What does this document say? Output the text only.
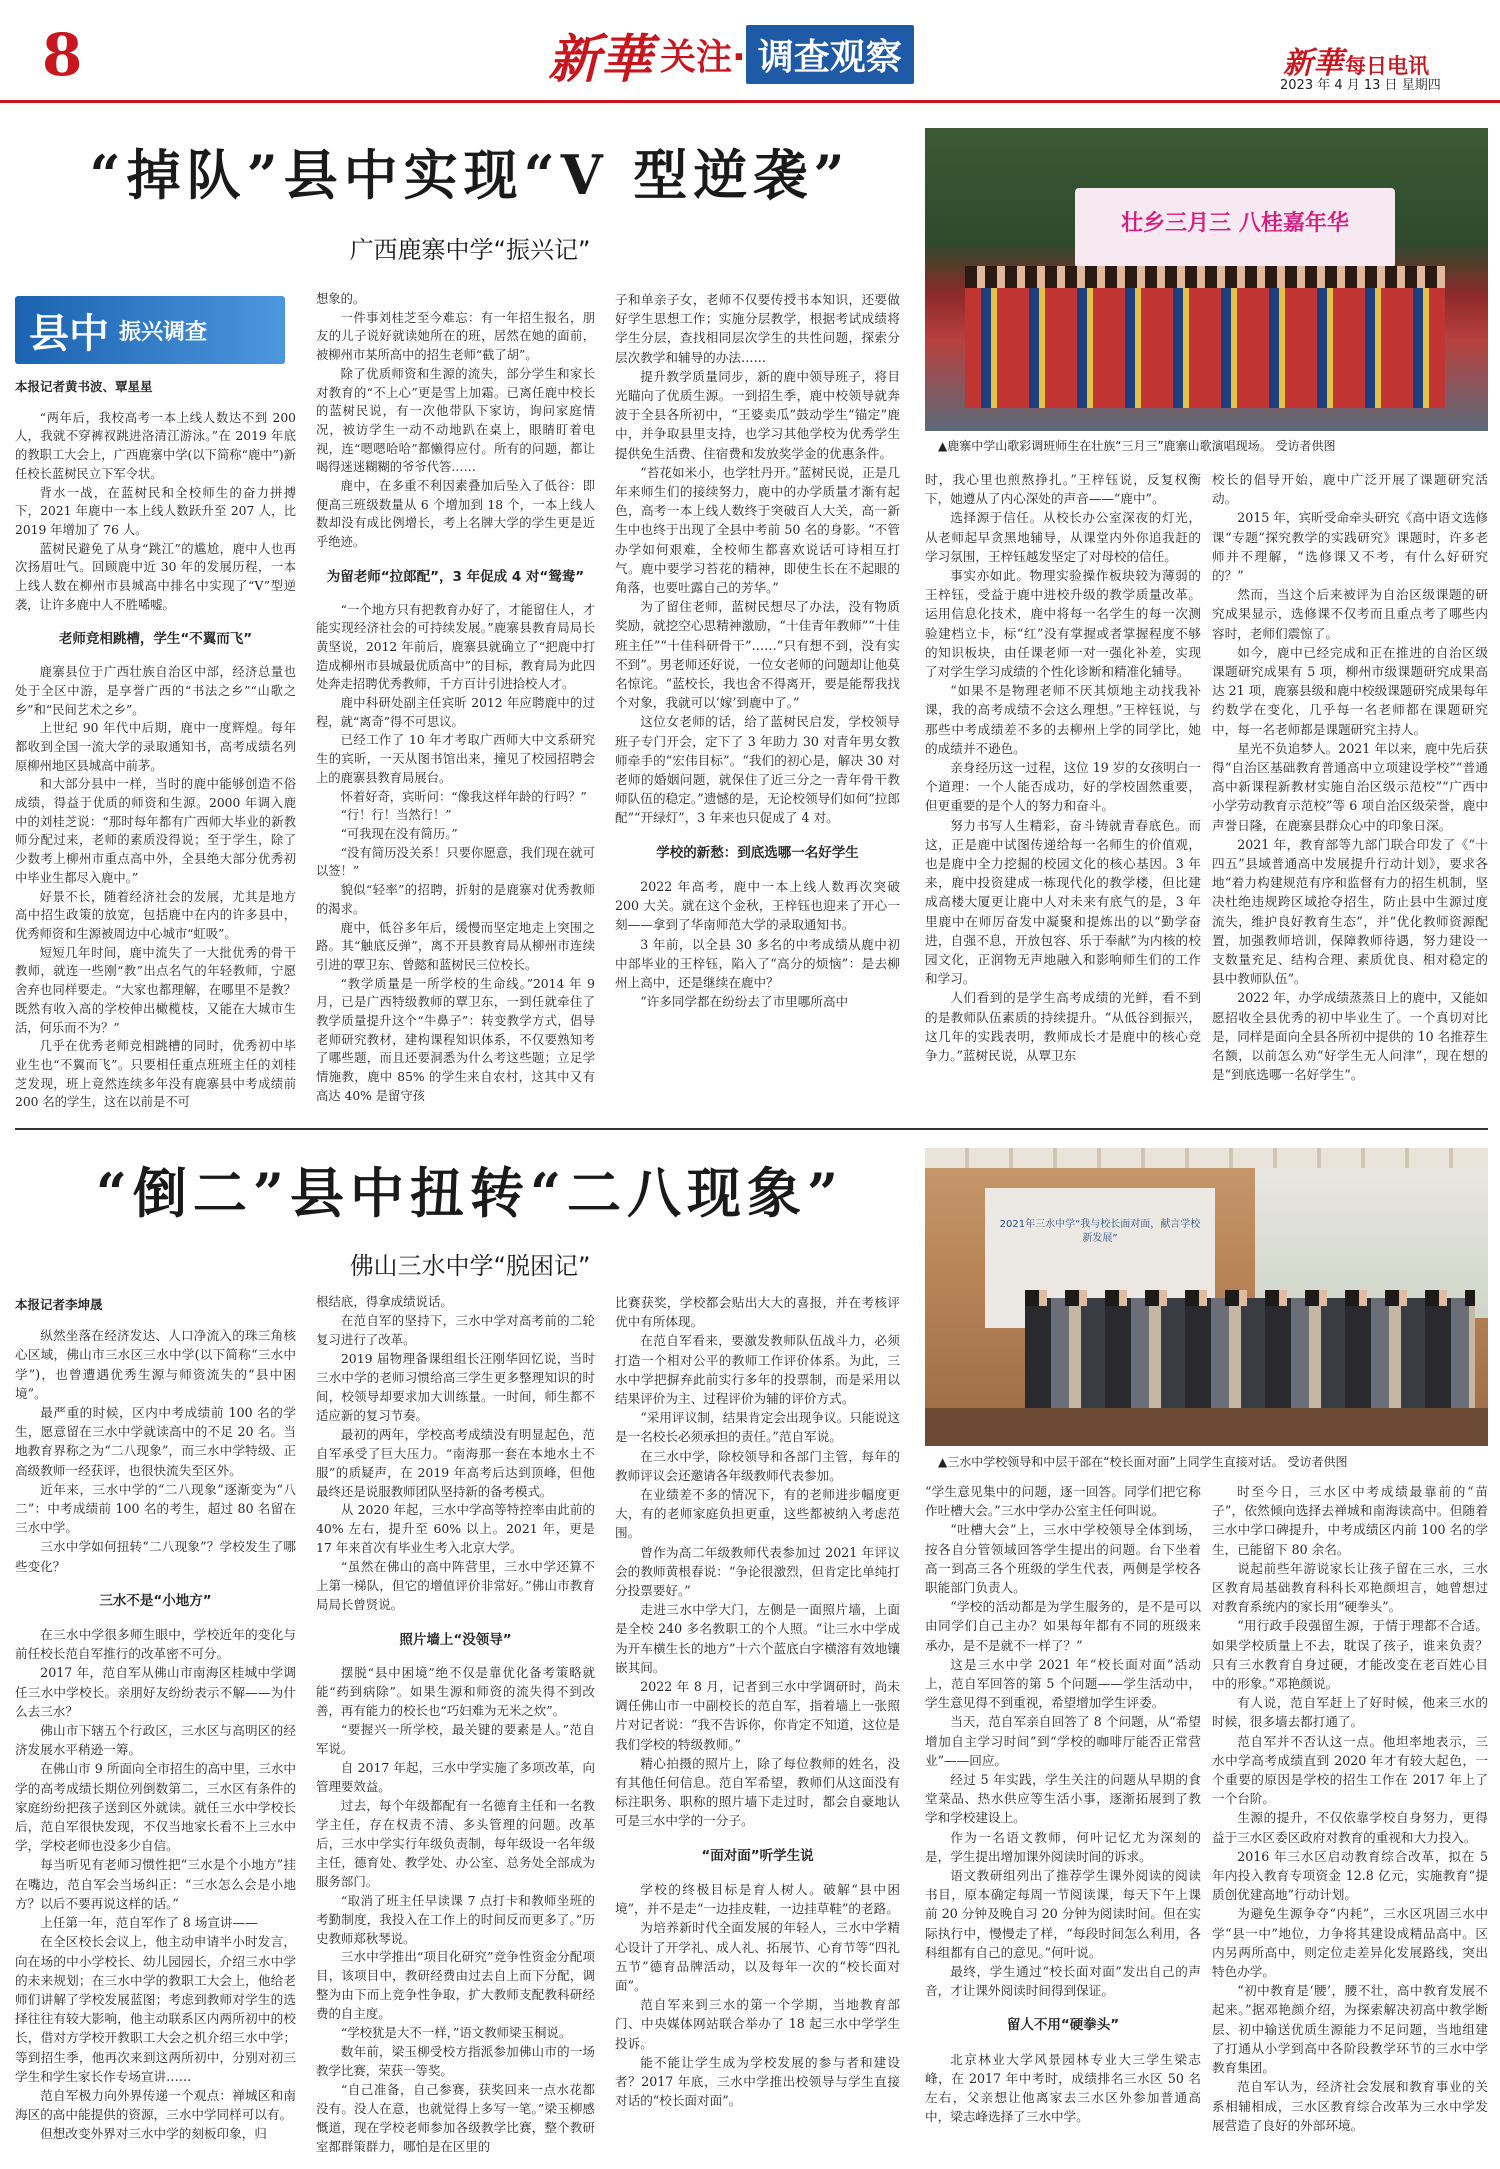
8	新華 关注· 调查观察	新華 每日电讯
2023 年 4 月 13 日 星期四
“掉队”县中实现“V 型逆袭”
广西鹿寨中学“振兴记”
县中 振兴调查
壮乡三月三 八桂嘉年华
▲鹿寨中学山歌彩调班师生在壮族“三月三”鹿寨山歌演唱现场。 受访者供图

本报记者黄书波、覃星星

“两年后，我校高考一本上线人数达不到 200 人，我就不穿裤衩跳进洛清江游泳。”在 2019 年底的教职工大会上，广西鹿寨中学(以下简称“鹿中”)新任校长蓝树民立下军令状。

背水一战，在蓝树民和全校师生的奋力拼搏下，2021 年鹿中一本上线人数跃升至 207 人，比 2019 年增加了 76 人。

蓝树民避免了从身“跳江”的尴尬，鹿中人也再次扬眉吐气。回顾鹿中近 30 年的发展历程，一本上线人数在柳州市县城高中排名中实现了“V”型逆袭，让许多鹿中人不胜唏嘘。

老师竞相跳槽，学生“不翼而飞”

鹿寨县位于广西壮族自治区中部，经济总量也处于全区中游，是享誉广西的“书法之乡”“山歌之乡”和“民间艺术之乡”。

上世纪 90 年代中后期，鹿中一度辉煌。每年都收到全国一流大学的录取通知书，高考成绩名列原柳州地区县城高中前茅。

和大部分县中一样，当时的鹿中能够创造不俗成绩，得益于优质的师资和生源。2000 年调入鹿中的刘桂芝说：“那时每年都有广西师大毕业的新教师分配过来，老师的素质没得说；至于学生，除了少数考上柳州市重点高中外，全县绝大部分优秀初中毕业生都尽入鹿中。”

好景不长，随着经济社会的发展，尤其是地方高中招生政策的放宽，包括鹿中在内的许多县中，优秀师资和生源被周边中心城市“虹吸”。

短短几年时间，鹿中流失了一大批优秀的骨干教师，就连一些刚“教”出点名气的年轻教师，宁愿舍弃也同样要走。“大家也都理解，在哪里不是教？既然有收入高的学校伸出橄榄枝，又能在大城市生活，何乐而不为？”

几乎在优秀老师竞相跳槽的同时，优秀初中毕业生也“不翼而飞”。只要相任重点班班主任的刘桂芝发现，班上竟然连续多年没有鹿寨县中考成绩前 200 名的学生，这在以前是不可

想象的。

一件事刘桂芝至今难忘：有一年招生报名，朋友的儿子说好就读她所在的班，居然在她的面前，被柳州市某所高中的招生老师“截了胡”。

除了优质师资和生源的流失，部分学生和家长对教育的“不上心”更是雪上加霜。已离任鹿中校长的蓝树民说，有一次他带队下家访，询问家庭情况，被访学生一动不动地趴在桌上，眼睛盯着电视，连“嗯嗯哈哈”都懒得应付。所有的问题，都让喝得迷迷糊糊的爷爷代答……

鹿中，在多重不利因素叠加后坠入了低谷：即便高三班级数量从 6 个增加到 18 个，一本上线人数却没有成比例增长，考上名牌大学的学生更是近乎绝迹。

为留老师“拉郎配”，3 年促成 4 对“鸳鸯”

“一个地方只有把教育办好了，才能留住人，才能实现经济社会的可持续发展。”鹿寨县教育局局长黄坚说，2012 年前后，鹿寨县就确立了“把鹿中打造成柳州市县城最优质高中”的目标，教育局为此四处奔走招聘优秀教师，千方百计引进拾校人才。

鹿中科研处副主任宾昕 2012 年应聘鹿中的过程，就“离奇”得不可思议。

已经工作了 10 年才考取广西师大中文系研究生的宾昕，一天从图书馆出来，撞见了校园招聘会上的鹿寨县教育局展台。

怀着好奇，宾昕问：“像我这样年龄的行吗？”

“行！行！当然行！”

“可我现在没有简历。”

“没有简历没关系！只要你愿意，我们现在就可以签！”

貌似“轻率”的招聘，折射的是鹿寨对优秀教师的渴求。

鹿中，低谷多年后，缓慢而坚定地走上突围之路。其“触底反弹”，离不开县教育局从柳州市连续引进的覃卫东、曾懿和蓝树民三位校长。

“教学质量是一所学校的生命线。”2014 年 9 月，已是广西特级教师的覃卫东，一到任就牵住了教学质量提升这个“牛鼻子”：转变教学方式，倡导老师研究教材，建构课程知识体系，不仅要熟知考了哪些题，而且还要洞悉为什么考这些题；立足学情施教，鹿中 85% 的学生来自农村，这其中又有高达 40% 是留守孩

子和单亲子女，老师不仅要传授书本知识，还要做好学生思想工作；实施分层教学，根据考试成绩将学生分层，查找相同层次学生的共性问题，探索分层次教学和辅导的办法……

提升教学质量同步，新的鹿中领导班子，将目光瞄向了优质生源。一到招生季，鹿中校领导就奔波于全县各所初中，“王婆卖瓜”鼓动学生“锚定”鹿中，并争取县里支持，也学习其他学校为优秀学生提供免生活费、住宿费和发放奖学金的优惠条件。

“苔花如米小，也学牡丹开。”蓝树民说，正是几年来师生们的接续努力，鹿中的办学质量才渐有起色，高考一本上线人数终于突破百人大关，高一新生中也终于出现了全县中考前 50 名的身影。“不管办学如何艰难，全校师生都喜欢说话可诗相互打气。鹿中要学习苔花的精神，即使生长在不起眼的角落，也要吐露自己的芳华。”

为了留住老师，蓝树民想尽了办法，没有物质奖励，就挖空心思精神激励，“十佳青年教师”“十佳班主任”“十佳科研骨干”……“只有想不到，没有实不到”。男老师还好说，一位女老师的问题却让他莫名惊诧。“蓝校长，我也舍不得离开，要是能帮我找个对象，我就可以‘嫁’到鹿中了。”

这位女老师的话，给了蓝树民启发，学校领导班子专门开会，定下了 3 年助力 30 对青年男女教师牵手的“宏伟目标”。“我们的初心是，解决 30 对老师的婚姻问题，就保住了近三分之一青年骨干教师队伍的稳定。”遗憾的是，无论校领导们如何“拉郎配”“开绿灯”，3 年来也只促成了 4 对。

学校的新愁：到底选哪一名好学生

2022 年高考，鹿中一本上线人数再次突破 200 大关。就在这个金秋，王梓钰也迎来了开心一刻——拿到了华南师范大学的录取通知书。

3 年前，以全县 30 多名的中考成绩从鹿中初中部毕业的王梓钰，陷入了“高分的烦恼”：是去柳州上高中，还是继续在鹿中？

“许多同学都在纷纷去了市里哪所高中

时，我心里也煎熬挣扎。”王梓钰说，反复权衡下，她遵从了内心深处的声音——“鹿中”。

选择源于信任。从校长办公室深夜的灯光，从老师起早贪黑地辅导，从课堂内外你追我赶的学习氛围，王梓钰越发坚定了对母校的信任。

事实亦如此。物理实验操作板块较为薄弱的王梓钰，受益于鹿中进校升级的教学质量改革。运用信息化技术，鹿中将每一名学生的每一次测验建档立卡，标“红”没有掌握或者掌握程度不够的知识板块，由任课老师一对一强化补差，实现了对学生学习成绩的个性化诊断和精准化辅导。

“如果不是物理老师不厌其烦地主动找我补课，我的高考成绩不会这么理想。”王梓钰说，与那些中考成绩差不多的去柳州上学的同学比，她的成绩并不逊色。

亲身经历这一过程，这位 19 岁的女孩明白一个道理：一个人能否成功，好的学校固然重要，但更重要的是个人的努力和奋斗。

努力书写人生精彩，奋斗铸就青春底色。而这，正是鹿中试图传递给每一名师生的价值观，也是鹿中全力挖掘的校园文化的核心基因。3 年来，鹿中投资建成一栋现代化的教学楼，但比建成高楼大厦更让鹿中人对未来有底气的是，3 年里鹿中在师厉奋发中凝聚和提炼出的以“勤学奋进，自强不息，开放包容、乐于奉献”为内核的校园文化，正润物无声地融入和影响师生们的工作和学习。

人们看到的是学生高考成绩的光鲜，看不到的是教师队伍素质的持续提升。“从低谷到振兴，这几年的实践表明，教师成长才是鹿中的核心竞争力。”蓝树民说，从覃卫东

校长的倡导开始，鹿中广泛开展了课题研究活动。

2015 年，宾昕受命牵头研究《高中语文选修课“专题”探究教学的实践研究》课题时，许多老师并不理解，“选修课又不考，有什么好研究的？”

然而，当这个后来被评为自治区级课题的研究成果显示，选修课不仅考而且重点考了哪些内容时，老师们震惊了。

如今，鹿中已经完成和正在推进的自治区级课题研究成果有 5 项，柳州市级课题研究成果高达 21 项，鹿寨县级和鹿中校级课题研究成果每年约数学在变化，几乎每一名老师都在课题研究中，每一名老师都是课题研究主持人。

星光不负追梦人。2021 年以来，鹿中先后获得“自治区基础教育普通高中立项建设学校”“普通高中新课程新教材实施自治区级示范校”“广西中小学劳动教育示范校”等 6 项自治区级荣誉，鹿中声誉日隆，在鹿寨县群众心中的印象日深。

2021 年，教育部等九部门联合印发了《“十四五”县域普通高中发展提升行动计划》，要求各地“着力构建规范有序和监督有力的招生机制，坚决杜绝违规跨区域抢夺招生，防止县中生源过度流失，维护良好教育生态”，并“优化教师资源配置，加强教师培训，保障教师待遇，努力建设一支数量充足、结构合理、素质优良、相对稳定的县中教师队伍”。

2022 年，办学成绩蒸蒸日上的鹿中，又能如愿招收全县优秀的初中毕业生了。一个真切对比是，同样是面向全县各所初中提供的 10 名推荐生名额，以前怎么劝“好学生无人问津”，现在想的是“到底选哪一名好学生”。

“倒二”县中扭转“二八现象”
佛山三水中学“脱困记”
2021年三水中学“我与校长面对面，献言学校新发展”
▲三水中学校领导和中层干部在“校长面对面”上同学生直接对话。 受访者供图

本报记者李坤晟

纵然坐落在经济发达、人口净流入的珠三角核心区域，佛山市三水区三水中学(以下简称“三水中学”)，也曾遭遇优秀生源与师资流失的“县中困境”。

最严重的时候，区内中考成绩前 100 名的学生，愿意留在三水中学就读高中的不足 20 名。当地教育界称之为“二八现象”，而三水中学特级、正高级教师一经获评，也很快流失至区外。

近年来，三水中学的“二八现象”逐渐变为“八二”：中考成绩前 100 名的考生，超过 80 名留在三水中学。

三水中学如何扭转“二八现象”？学校发生了哪些变化？

三水不是“小地方”

在三水中学很多师生眼中，学校近年的变化与前任校长范自军推行的改革密不可分。

2017 年，范自军从佛山市南海区桂城中学调任三水中学校长。亲朋好友纷纷表示不解——为什么去三水？

佛山市下辖五个行政区，三水区与高明区的经济发展水平稍逊一筹。

在佛山市 9 所面向全市招生的高中里，三水中学的高考成绩长期位列倒数第二，三水区有条件的家庭纷纷把孩子送到区外就读。就任三水中学校长后，范自军很快发现，不仅当地家长看不上三水中学，学校老师也没多少自信。

每当听见有老师习惯性把“三水是个小地方”挂在嘴边，范自军会当场纠正：“三水怎么会是小地方？以后不要再说这样的话。”

上任第一年，范自军作了 8 场宣讲——

在全区校长会议上，他主动申请半小时发言，向在场的中小学校长、幼儿园园长，介绍三水中学的未来规划；在三水中学的教职工大会上，他给老师们讲解了学校发展蓝图；考虑到教师对学生的选择往往有较大影响，他主动联系区内两所初中的校长，借对方学校开教职工大会之机介绍三水中学；等到招生季，他再次来到这两所初中，分别对初三学生和学生家长作专场宣讲……

范自军极力向外界传递一个观点：禅城区和南海区的高中能提供的资源，三水中学同样可以有。

但想改变外界对三水中学的刻板印象，归

根结底，得拿成绩说话。

在范自军的坚持下，三水中学对高考前的二轮复习进行了改革。

2019 届物理备课组组长汪刚华回忆说，当时三水中学的老师习惯给高三学生更多整理知识的时间，校领导却要求加大训练量。一时间，师生都不适应新的复习节奏。

最初的两年，学校高考成绩没有明显起色，范自军承受了巨大压力。“南海那一套在本地水土不服”的质疑声，在 2019 年高考后达到顶峰，但他最终还是说服教师团队坚持新的备考模式。

从 2020 年起，三水中学高等特控率由此前的 40% 左右，提升至 60% 以上。2021 年，更是 17 年来首次有毕业生考入北京大学。

“虽然在佛山的高中阵营里，三水中学还算不上第一梯队，但它的增值评价非常好。”佛山市教育局局长曾贤说。

照片墙上“没领导”

摆脱“县中困境”绝不仅是靠优化备考策略就能“药到病除”。如果生源和师资的流失得不到改善，再有能力的校长也“巧妇难为无米之炊”。

“要握兴一所学校，最关键的要素是人。”范自军说。

自 2017 年起，三水中学实施了多项改革，向管理要效益。

过去，每个年级都配有一名德育主任和一名教学主任，存在权责不清、多头管理的问题。改革后，三水中学实行年级负责制，每年级设一名年级主任，德育处、教学处、办公室、总务处全部成为服务部门。

“取消了班主任早读课 7 点打卡和教师坐班的考勤制度，我投入在工作上的时间反而更多了。”历史教师郑秋琴说。

三水中学推出“项目化研究”竞争性资金分配项目，该项目中，教研经费由过去自上而下分配，调整为由下而上竞争性争取，扩大教师支配教科研经费的自主度。

“学校犹是大不一样，”语文教师梁玉桐说。

数年前，梁玉柳受校方指派参加佛山市的一场教学比赛，荣获一等奖。

“自己准备，自己参赛，获奖回来一点水花都没有。没人在意，也就觉得上多写一笔。”梁玉柳感慨道，现在学校老师参加各级教学比赛，整个教研室都群策群力，哪怕是在区里的

比赛获奖，学校都会贴出大大的喜报，并在考核评优中有所体现。

在范自军看来，要激发教师队伍战斗力，必须打造一个相对公平的教师工作评价体系。为此，三水中学把摒弃此前实行多年的投票制，而是采用以结果评价为主、过程评价为辅的评价方式。

“采用评议制，结果肯定会出现争议。只能说这是一名校长必须承担的责任。”范自军说。

在三水中学，除校领导和各部门主管，每年的教师评议会还邀请各年级教师代表参加。

在业绩差不多的情况下，有的老师进步幅度更大，有的老师家庭负担更重，这些都被纳入考虑范围。

曾作为高二年级教师代表参加过 2021 年评议会的教师黄根春说：“争论很激烈，但肯定比单纯打分投票要好。”

走进三水中学大门，左侧是一面照片墙，上面是全校 240 多名教职工的个人照。“让三水中学成为开车横生长的地方”十六个蓝底白字横溶有效地镶嵌其间。

2022 年 8 月，记者到三水中学调研时，尚未调任佛山市一中副校长的范自军，指着墙上一张照片对记者说：“我不告诉你，你肯定不知道，这位是我们学校的特级教师。”

精心拍摄的照片上，除了每位教师的姓名，没有其他任何信息。范自军希望，教师们从这面没有标注职务、职称的照片墙下走过时，都会自豪地认可是三水中学的一分子。

“面对面”听学生说

学校的终极目标是育人树人。破解“县中困境”，并不是走“一边挂皮鞋，一边挂草鞋”的老路。

为培养新时代全面发展的年轻人，三水中学精心设计了开学礼、成人礼、拓展节、心育节等“四礼五节”德育品牌活动，以及每年一次的“校长面对面”。

范自军来到三水的第一个学期，当地教育部门、中央媒体网站联合举办了 18 起三水中学学生投诉。

能不能让学生成为学校发展的参与者和建设者？2017 年底，三水中学推出校领导与学生直接对话的“校长面对面”。

“学生意见集中的问题，逐一回答。同学们把它称作吐槽大会。”三水中学办公室主任何叫说。

“吐槽大会”上，三水中学校领导全体到场，按各自分管领域回答学生提出的问题。台下坐着高一到高三各个班级的学生代表，两侧是学校各职能部门负责人。

“学校的活动都是为学生服务的，是不是可以由同学们自己主办？如果每年都有不同的班级来承办，是不是就不一样了？”

这是三水中学 2021 年“校长面对面”活动上，范自军回答的第 5 个问题——学生活动中，学生意见得不到重视，希望增加学生评委。

当天，范自军亲自回答了 8 个问题，从“希望增加自主学习时间”到“学校的咖啡厅能否正常营业”——回应。

经过 5 年实践，学生关注的问题从早期的食堂菜品、热水供应等生活小事，逐渐拓展到了教学和学校建设上。

作为一名语文教师，何叶记忆尤为深刻的是，学生提出增加课外阅读时间的诉求。

语文教研组列出了推荐学生课外阅读的阅读书目，原本确定每周一节阅读课，每天下午上课前 20 分钟及晚自习 20 分钟为阅读时间。但在实际执行中，慢慢走了样，“每段时间怎么利用，各科组都有自己的意见。”何叶说。

最终，学生通过“校长面对面”发出自己的声音，才让课外阅读时间得到保证。

留人不用“硬拳头”

北京林业大学风景园林专业大三学生梁志峰，在 2017 年中考时，成绩排名三水区 50 名左右，父亲想让他离家去三水区外参加普通高中，梁志峰选择了三水中学。

时至今日，三水区中考成绩最靠前的“苗子”，依然倾向选择去禅城和南海读高中。但随着三水中学口碑提升，中考成绩区内前 100 名的学生，已能留下 80 余名。

说起前些年游说家长让孩子留在三水，三水区教育局基础教育科科长邓艳颜坦言，她曾想过对教育系统内的家长用“硬拳头”。

“用行政手段强留生源，于情于理都不合适。如果学校质量上不去，耽误了孩子，谁来负责？只有三水教育自身过硬，才能改变在老百姓心目中的形象。”邓艳颜说。

有人说，范自军赶上了好时候，他来三水的时候，很多墙去都打通了。

范自军并不否认这一点。他坦率地表示，三水中学高考成绩直到 2020 年才有较大起色，一个重要的原因是学校的招生工作在 2017 年上了一个台阶。

生源的提升，不仅依靠学校自身努力，更得益于三水区委区政府对教育的重视和大力投入。

2016 年三水区启动教育综合改革，拟在 5 年内投入教育专项资金 12.8 亿元，实施教育“提质创优建高地”行动计划。

为避免生源争夺“内耗”，三水区巩固三水中学“县一中”地位，力争将其建设成精品高中。区内另两所高中，则定位走差异化发展路线，突出特色办学。

“初中教育是‘腰’，腰不壮，高中教育发展不起来。”据邓艳颜介绍，为探索解决初高中教学断层、初中输送优质生源能力不足问题，当地组建了打通从小学到高中各阶段教学环节的三水中学教育集团。

范自军认为，经济社会发展和教育事业的关系相辅相成，三水区教育综合改革为三水中学发展营造了良好的外部环境。
